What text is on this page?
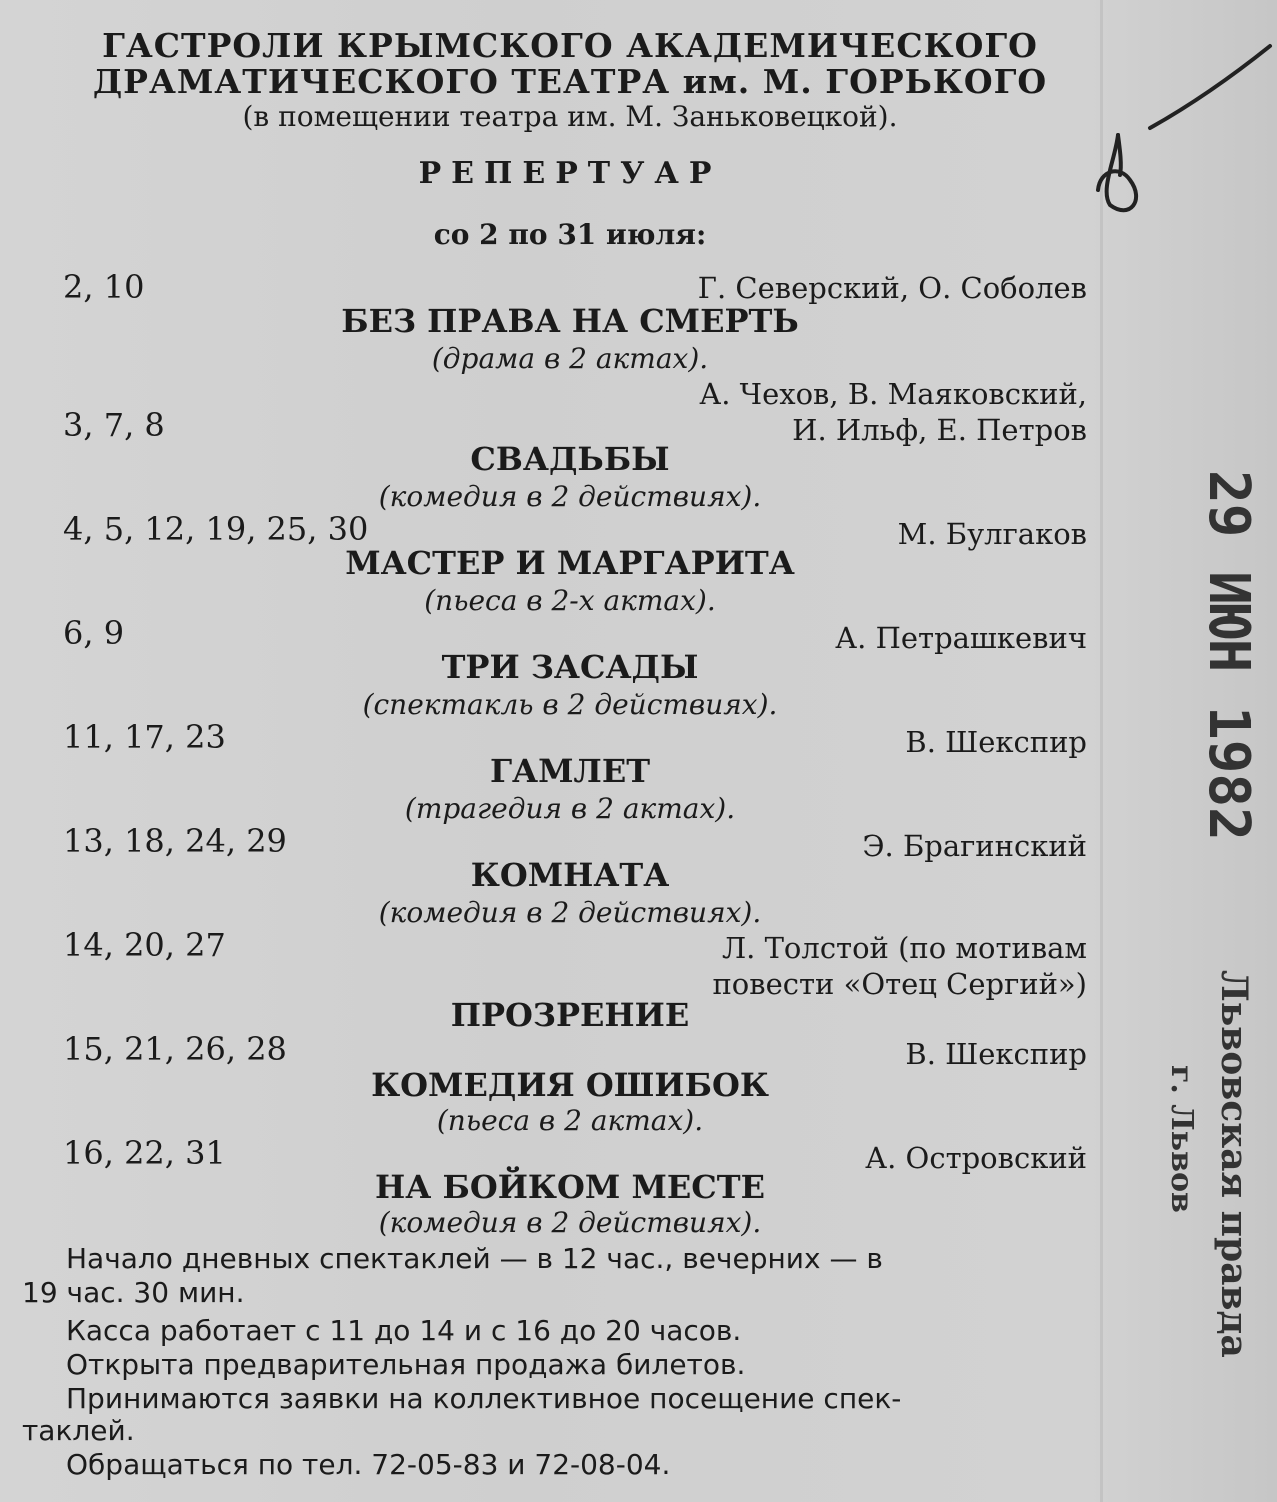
ГАСТРОЛИ КРЫМСКОГО АКАДЕМИЧЕСКОГО
ДРАМАТИЧЕСКОГО ТЕАТРА им. М. ГОРЬКОГО
(в помещении театра им. М. Заньковецкой).
РЕПЕРТУАР
со 2 по 31 июля:
2, 10	Г. Северский, О. Соболев
БЕЗ ПРАВА НА СМЕРТЬ
(драма в 2 актах).
А. Чехов, В. Маяковский,
3, 7, 8	И. Ильф, Е. Петров
СВАДЬБЫ
(комедия в 2 действиях).
4, 5, 12, 19, 25, 30	М. Булгаков
МАСТЕР И МАРГАРИТА
(пьеса в 2-х актах).
6, 9	А. Петрашкевич
ТРИ ЗАСАДЫ
(спектакль в 2 действиях).
11, 17, 23	В. Шекспир
ГАМЛЕТ
(трагедия в 2 актах).
13, 18, 24, 29	Э. Брагинский
КОМНАТА
(комедия в 2 действиях).
14, 20, 27	Л. Толстой (по мотивам
повести «Отец Сергий»)
ПРОЗРЕНИЕ
15, 21, 26, 28	В. Шекспир
КОМЕДИЯ ОШИБОК
(пьеса в 2 актах).
16, 22, 31	А. Островский
НА БОЙКОМ МЕСТЕ
(комедия в 2 действиях).
Начало дневных спектаклей — в 12 час., вечерних — в
19 час. 30 мин.
Касса работает с 11 до 14 и с 16 до 20 часов.
Открыта предварительная продажа билетов.
Принимаются заявки на коллективное посещение спек-
таклей.
Обращаться по тел. 72-05-83 и 72-08-04.
29 ИЮН 1982
Львовская правда
г. Львов
